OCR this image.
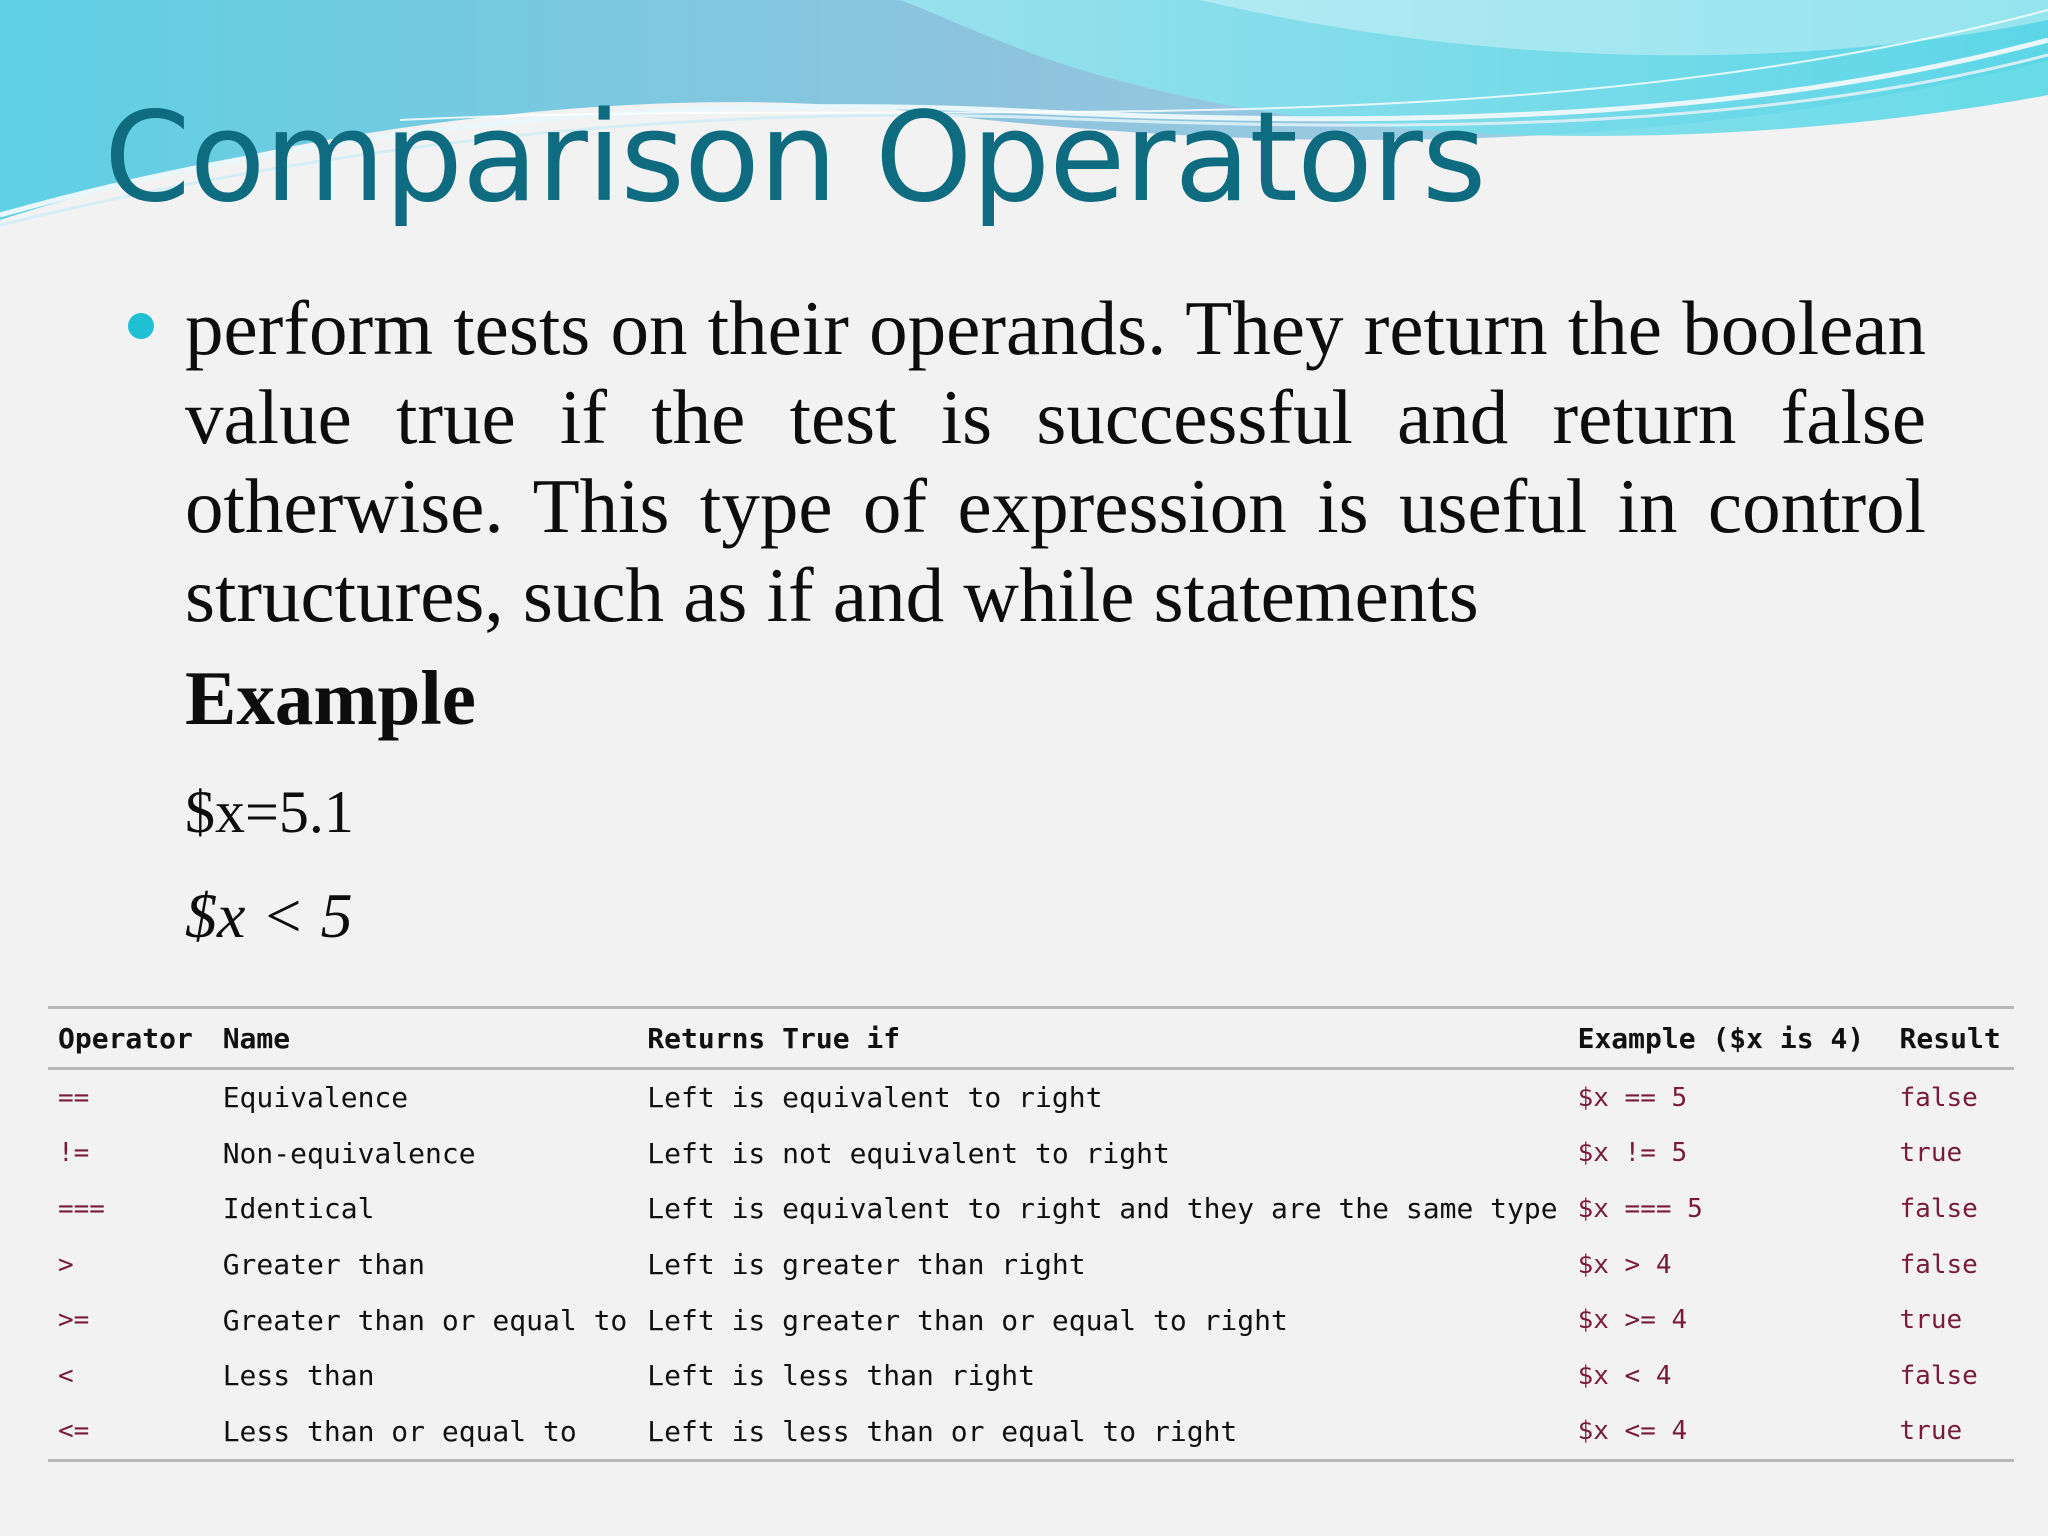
Comparison Operators
perform tests on their operands. They return the boolean value true if the test is successful and return false otherwise. This type of expression is useful in control structures, such as if and while statements
Example
$x=5.1
$x < 5
Operator	Name	Returns True if	Example ($x is 4)	Result
==	Equivalence	Left is equivalent to right	$x == 5	false
!=	Non-equivalence	Left is not equivalent to right	$x != 5	true
===	Identical	Left is equivalent to right and they are the same type	$x === 5	false
>	Greater than	Left is greater than right	$x > 4	false
>=	Greater than or equal to	Left is greater than or equal to right	$x >= 4	true
<	Less than	Left is less than right	$x < 4	false
<=	Less than or equal to	Left is less than or equal to right	$x <= 4	true
